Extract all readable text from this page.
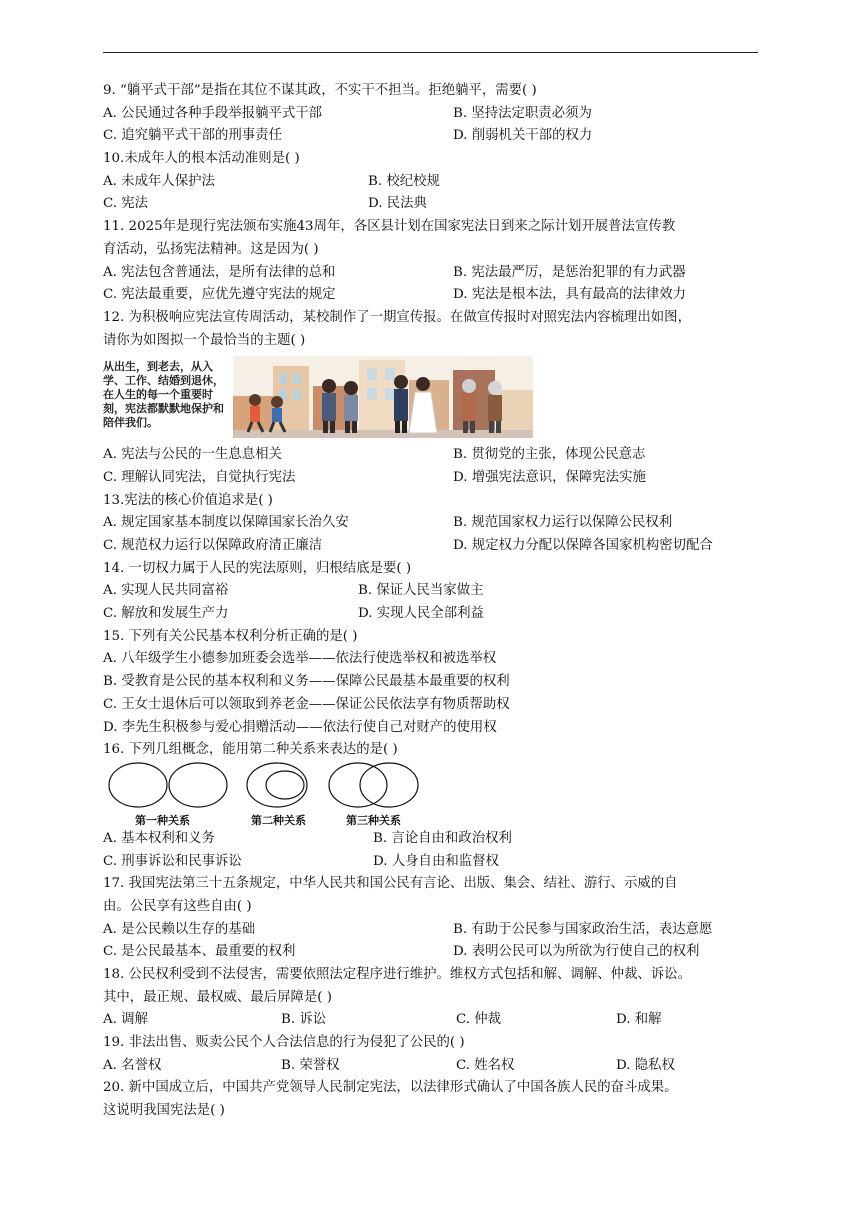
9. “躺平式干部”是指在其位不谋其政，不实干不担当。拒绝躺平，需要( )
A. 公民通过各种手段举报躺平式干部	B. 坚持法定职责必须为
C. 追究躺平式干部的刑事责任	D. 削弱机关干部的权力
10.未成年人的根本活动准则是( )
A. 未成年人保护法	B. 校纪校规
C. 宪法	D. 民法典
11. 2025年是现行宪法颁布实施43周年，各区县计划在国家宪法日到来之际计划开展普法宣传教
育活动，弘扬宪法精神。这是因为( )
A. 宪法包含普通法，是所有法律的总和	B. 宪法最严厉，是惩治犯罪的有力武器
C. 宪法最重要，应优先遵守宪法的规定	D. 宪法是根本法，具有最高的法律效力
12. 为积极响应宪法宣传周活动，某校制作了一期宣传报。在做宣传报时对照宪法内容梳理出如图，
请你为如图拟一个最恰当的主题( )
从出生，到老去，从入学、工作、结婚到退休，在人生的每一个重要时刻，宪法都默默地保护和陪伴我们。
A. 宪法与公民的一生息息相关	B. 贯彻党的主张，体现公民意志
C. 理解认同宪法，自觉执行宪法	D. 增强宪法意识，保障宪法实施
13.宪法的核心价值追求是( )
A. 规定国家基本制度以保障国家长治久安	B. 规范国家权力运行以保障公民权利
C. 规范权力运行以保障政府清正廉洁	D. 规定权力分配以保障各国家机构密切配合
14. 一切权力属于人民的宪法原则，归根结底是要( )
A. 实现人民共同富裕	B. 保证人民当家做主
C. 解放和发展生产力	D. 实现人民全部利益
15. 下列有关公民基本权利分析正确的是( )
A. 八年级学生小德参加班委会选举——依法行使选举权和被选举权
B. 受教育是公民的基本权利和义务——保障公民最基本最重要的权利
C. 王女士退休后可以领取到养老金——保证公民依法享有物质帮助权
D. 李先生积极参与爱心捐赠活动——依法行使自己对财产的使用权
16. 下列几组概念，能用第二种关系来表达的是( )
第一种关系	第二种关系	第三种关系
A. 基本权利和义务	B. 言论自由和政治权利
C. 刑事诉讼和民事诉讼	D. 人身自由和监督权
17. 我国宪法第三十五条规定，中华人民共和国公民有言论、出版、集会、结社、游行、示威的自
由。公民享有这些自由( )
A. 是公民赖以生存的基础	B. 有助于公民参与国家政治生活，表达意愿
C. 是公民最基本、最重要的权利	D. 表明公民可以为所欲为行使自己的权利
18. 公民权利受到不法侵害，需要依照法定程序进行维护。维权方式包括和解、调解、仲裁、诉讼。
其中，最正规、最权威、最后屏障是( )
A. 调解	B. 诉讼	C. 仲裁	D. 和解
19. 非法出售、贩卖公民个人合法信息的行为侵犯了公民的( )
A. 名誉权	B. 荣誉权	C. 姓名权	D. 隐私权
20. 新中国成立后，中国共产党领导人民制定宪法，以法律形式确认了中国各族人民的奋斗成果。
这说明我国宪法是( )
